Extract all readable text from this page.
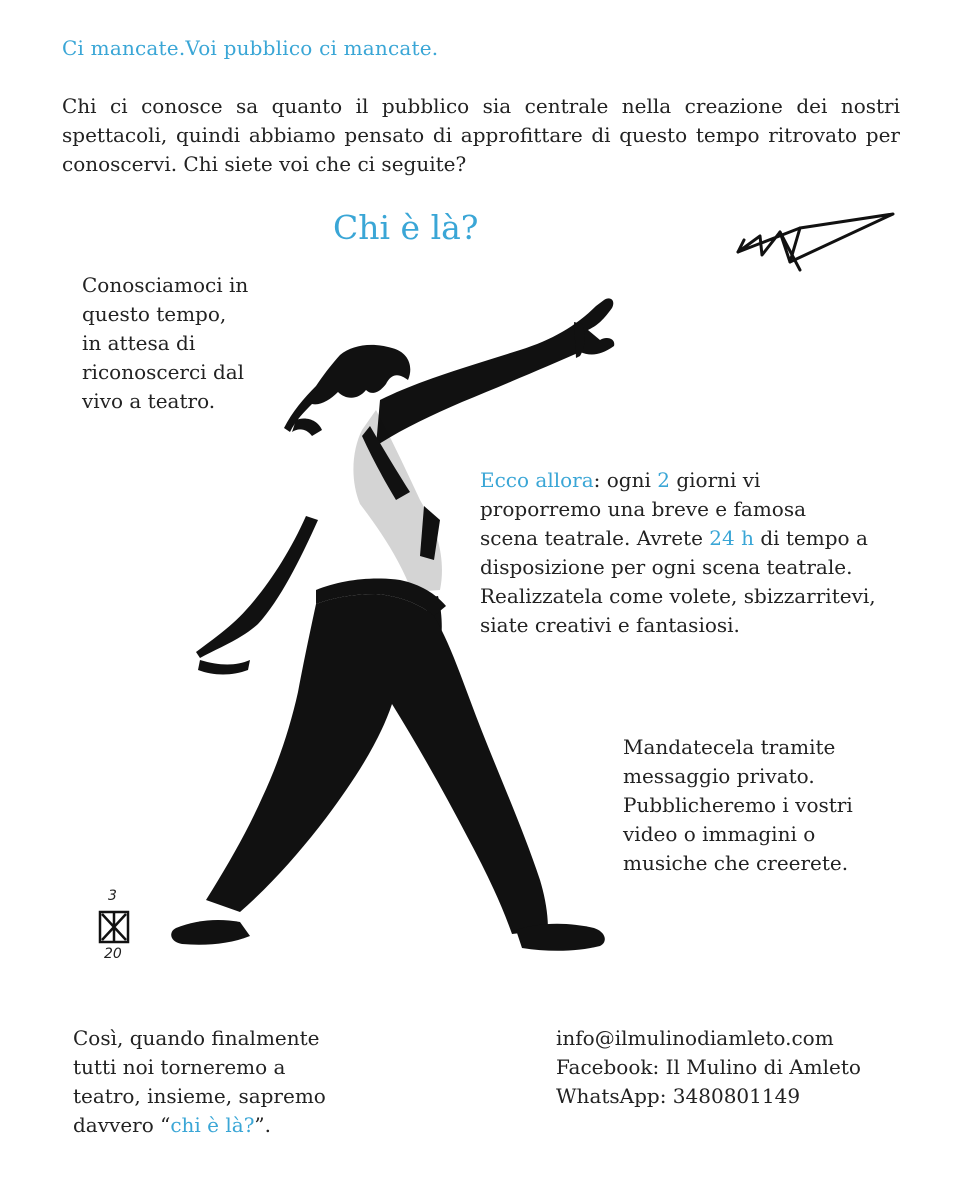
3
20
Ci mancate.Voi pubblico ci mancate.
Chi ci conosce sa quanto il pubblico sia centrale nella creazione dei nostri spettacoli, quindi abbiamo pensato di approfittare di questo tempo ritrovato per conoscervi. Chi siete voi che ci seguite?
Chi è là?
Conosciamoci in
questo tempo,
in attesa di
riconoscerci dal
vivo a teatro.
Ecco allora: ogni 2 giorni vi
proporremo una breve e famosa
scena teatrale. Avrete 24 h di tempo a
disposizione per ogni scena teatrale.
Realizzatela come volete, sbizzarritevi,
siate creativi e fantasiosi.
Mandatecela tramite
messaggio privato.
Pubblicheremo i vostri
video o immagini o
musiche che creerete.
Così, quando finalmente
tutti noi torneremo a
teatro, insieme, sapremo
davvero “chi è là?”.
info@ilmulinodiamleto.com
Facebook: Il Mulino di Amleto
WhatsApp: 3480801149
